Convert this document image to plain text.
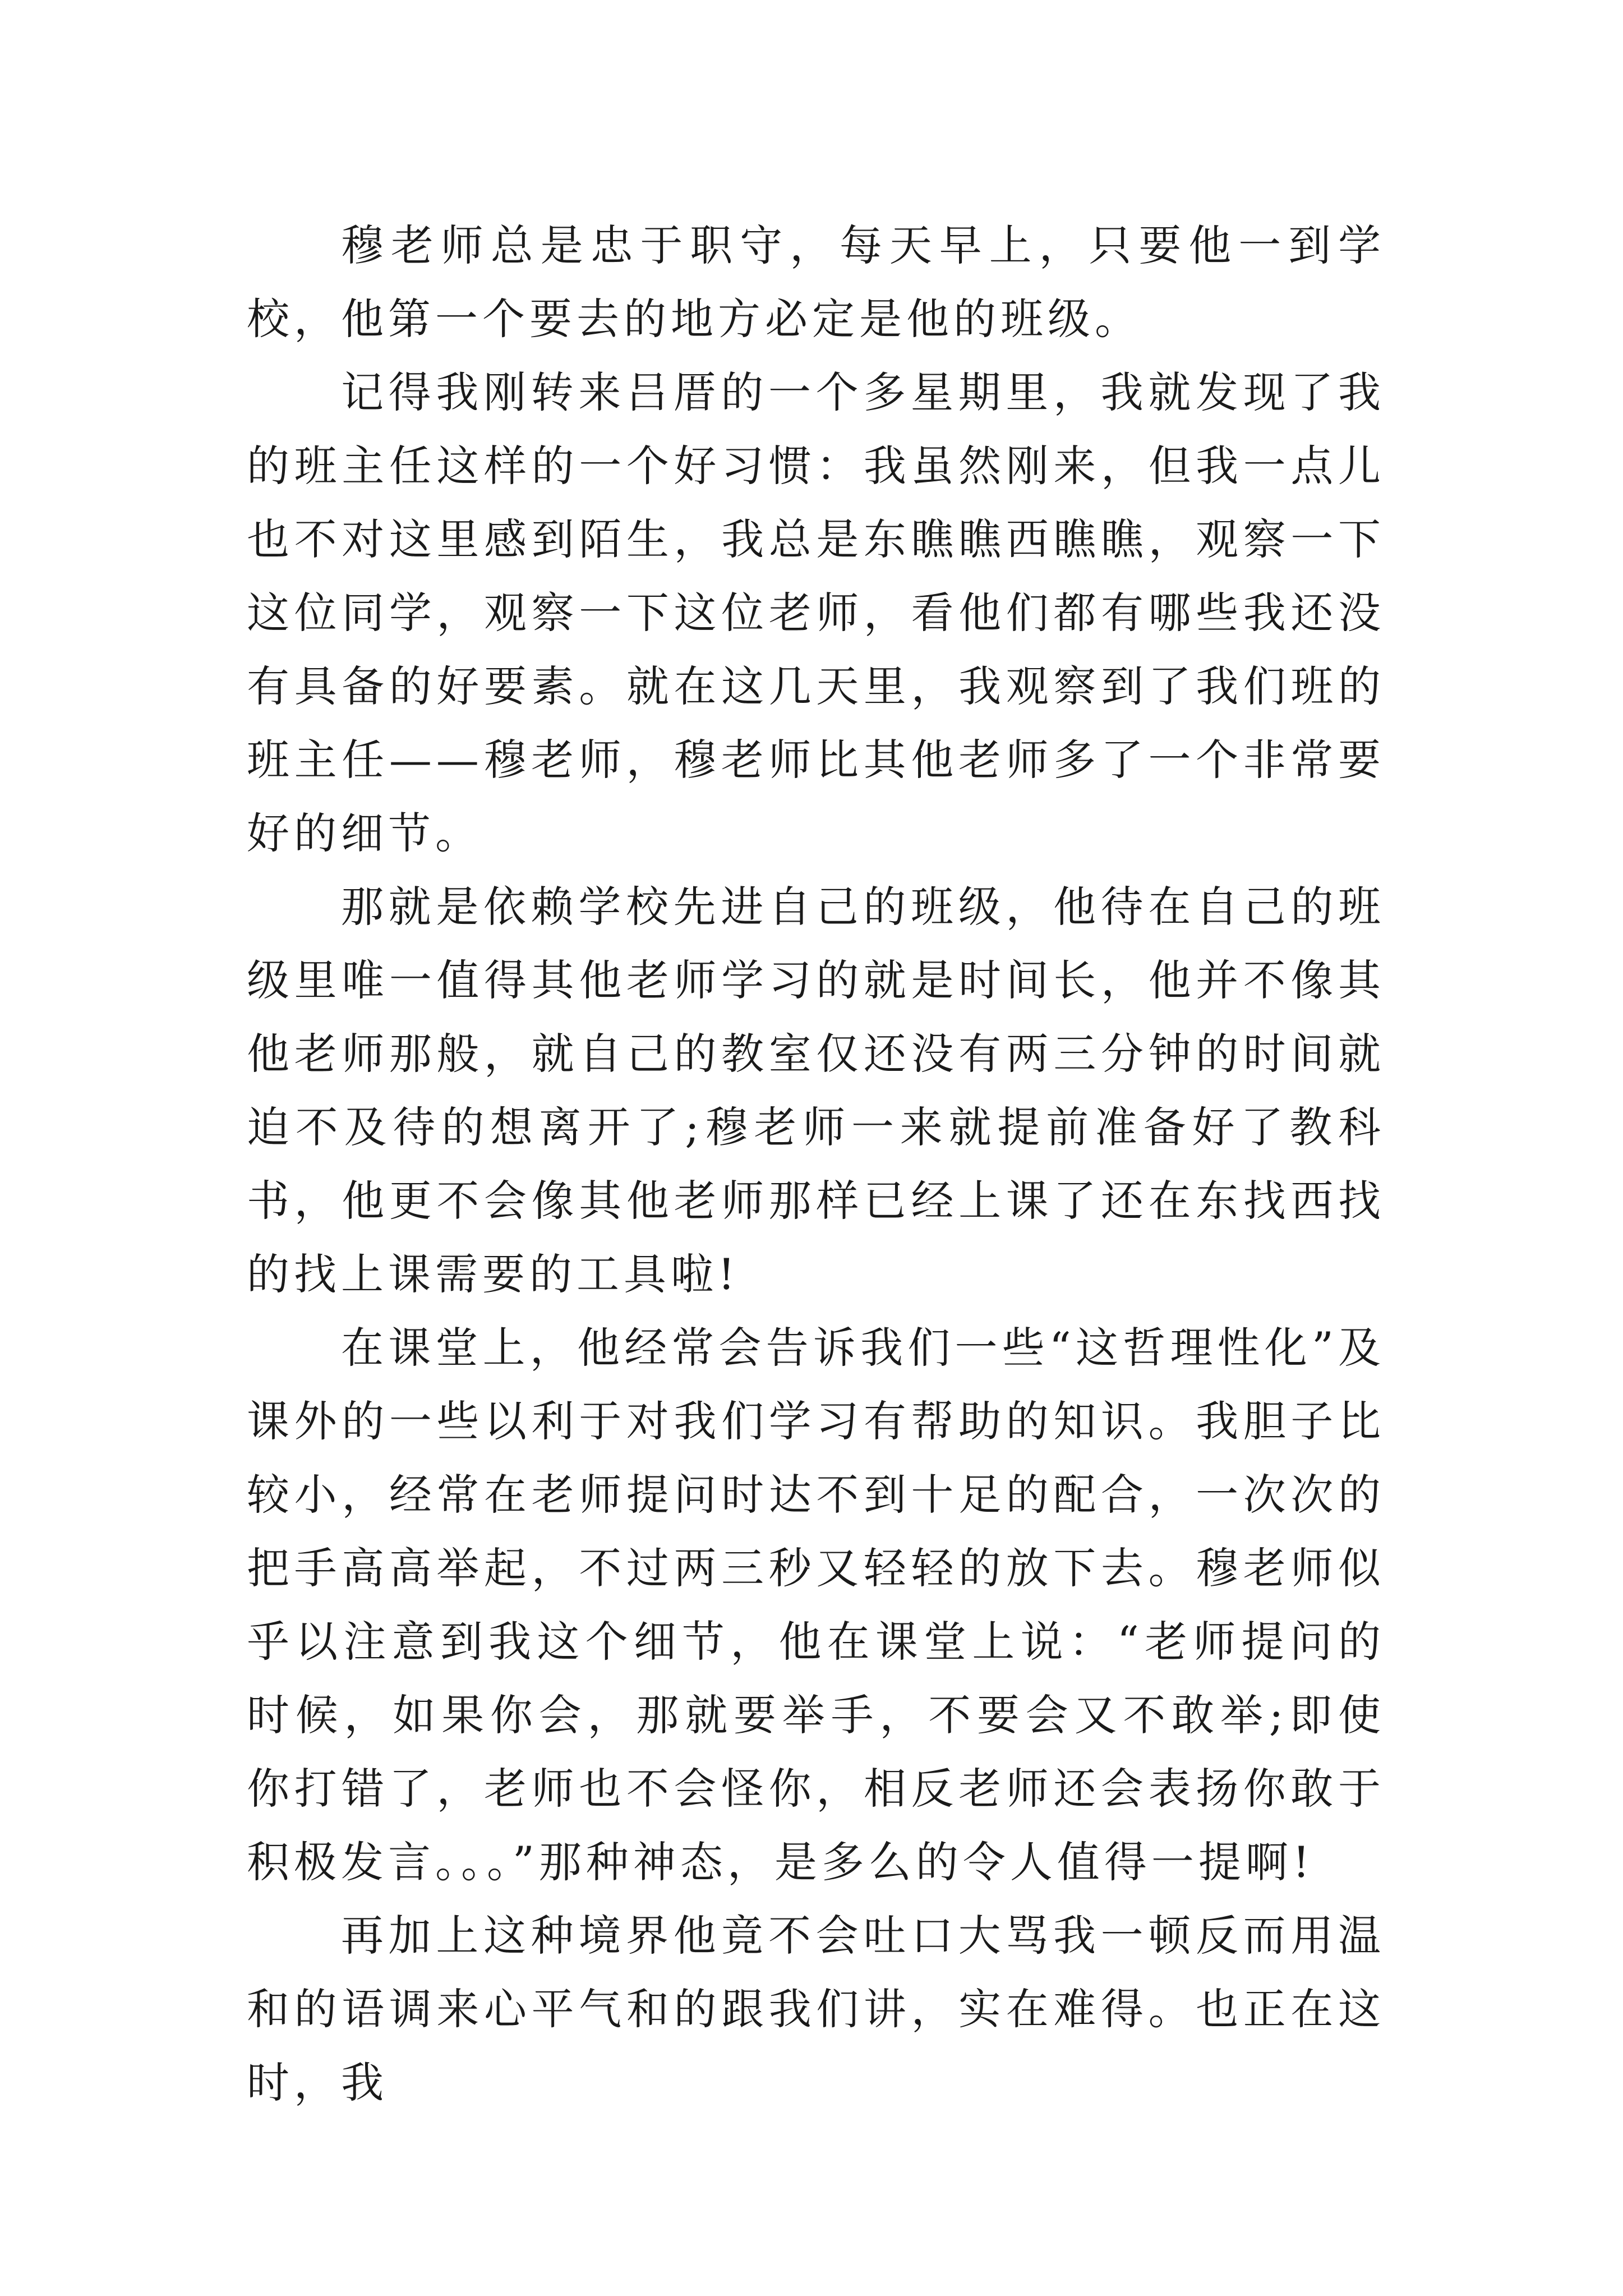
穆老师总是忠于职守，每天早上，只要他一到学校，他第一个要去的地方必定是他的班级。

记得我刚转来吕厝的一个多星期里，我就发现了我的班主任这样的一个好习惯：我虽然刚来，但我一点儿也不对这里感到陌生，我总是东瞧瞧西瞧瞧，观察一下这位同学，观察一下这位老师，看他们都有哪些我还没有具备的好要素。就在这几天里，我观察到了我们班的班主任——穆老师，穆老师比其他老师多了一个非常要好的细节。

那就是依赖学校先进自己的班级，他待在自己的班级里唯一值得其他老师学习的就是时间长，他并不像其他老师那般，就自己的教室仅还没有两三分钟的时间就迫不及待的想离开了;穆老师一来就提前准备好了教科书，他更不会像其他老师那样已经上课了还在东找西找的找上课需要的工具啦!

在课堂上，他经常会告诉我们一些“这哲理性化”及课外的一些以利于对我们学习有帮助的知识。我胆子比较小，经常在老师提问时达不到十足的配合，一次次的把手高高举起，不过两三秒又轻轻的放下去。穆老师似乎以注意到我这个细节，他在课堂上说：“老师提问的时候，如果你会，那就要举手，不要会又不敢举;即使你打错了，老师也不会怪你，相反老师还会表扬你敢于积极发言。。。”那种神态，是多么的令人值得一提啊!

再加上这种境界他竟不会吐口大骂我一顿反而用温和的语调来心平气和的跟我们讲，实在难得。也正在这时，我
